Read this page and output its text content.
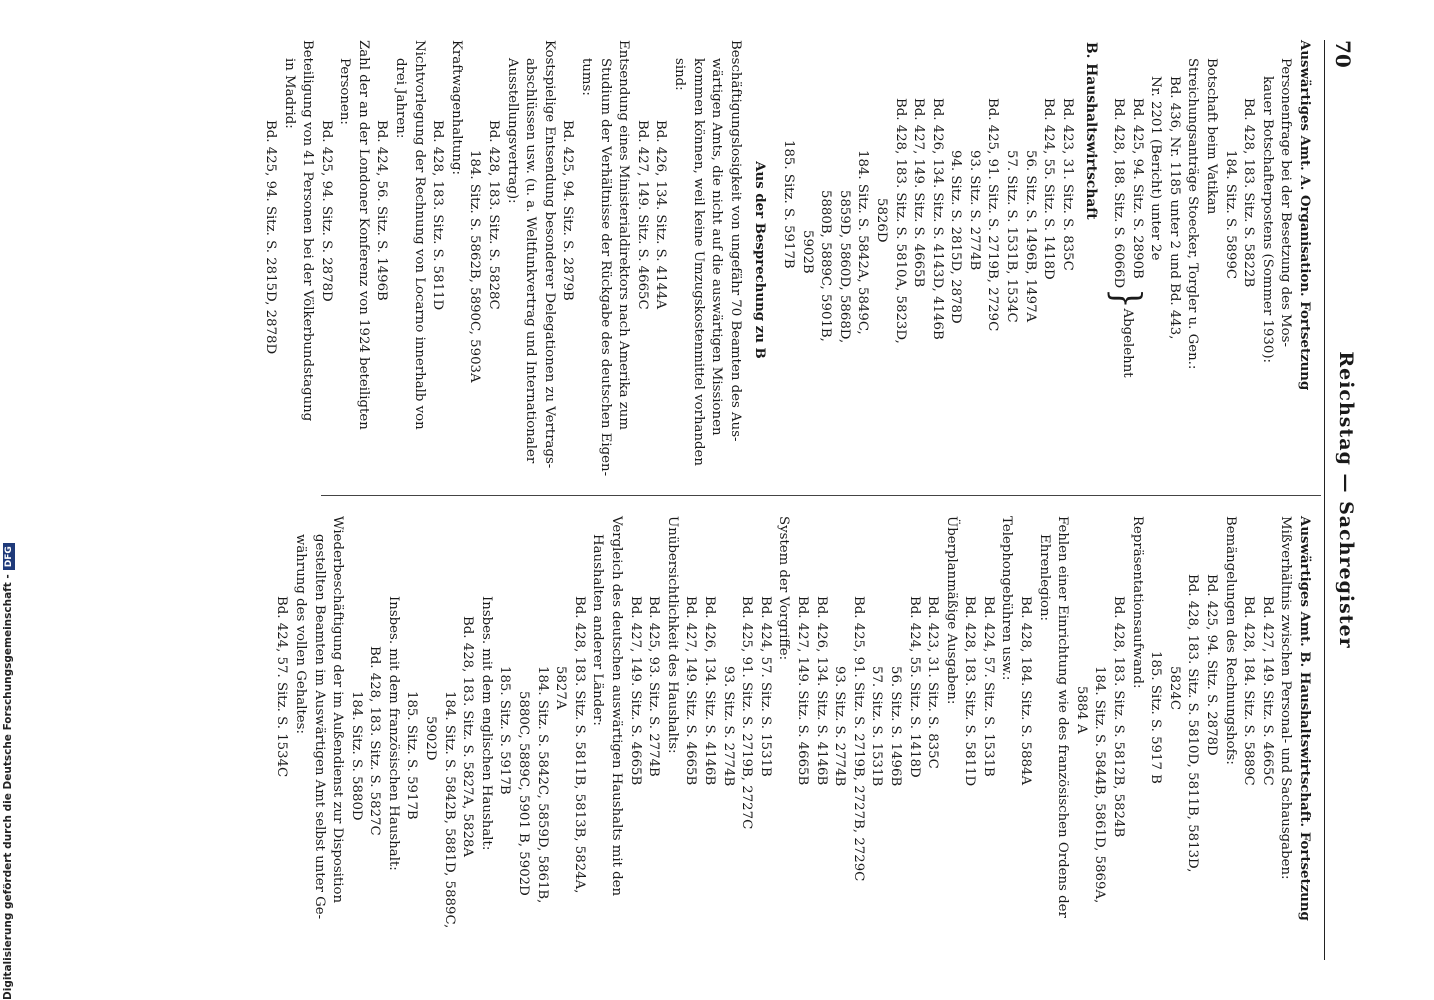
70
Reichstag — Sachregister
Auswärtiges Amt. A. Organisation. Fortsetzung
Personenfrage bei der Besetzung des Mos-
kauer Botschafterpostens (Sommer 1930):
Bd. 428, 183. Sitz. S. 5822B
184. Sitz. S. 5899C
Botschaft beim Vatikan
Streichungsanträge Stoecker, Torgler u. Gen.:
Bd. 436, Nr. 1185 unter 2 und Bd. 443,
Nr. 2201 (Bericht) unter 2e
Bd. 425, 94. Sitz. S. 2890B
Bd. 428, 188. Sitz. S. 6066D
}
Abgelehnt
B. Haushaltswirtschaft
Bd. 423, 31. Sitz. S. 835C
Bd. 424, 55. Sitz. S. 1418D
56. Sitz. S. 1496B, 1497A
57. Sitz. S. 1531B, 1534C
Bd. 425, 91. Sitz. S. 2719B, 2729C
93. Sitz. S. 2774B
94. Sitz. S. 2815D, 2878D
Bd. 426, 134. Sitz. S. 4143D, 4146B
Bd. 427, 149. Sitz. S. 4665B
Bd. 428, 183. Sitz. S. 5810A, 5823D,
5826D
184. Sitz. S. 5842A, 5849C,
5859D, 5860D, 5868D,
5880B, 5889C, 5901B,
5902B
185. Sitz. S. 5917B
Aus der Besprechung zu B
Beschäftigungslosigkeit von ungefähr 70 Beamten des Aus-
wärtigen Amts, die nicht auf die auswärtigen Missionen
kommen können, weil keine Umzugskostenmittel vorhanden
sind:
Bd. 426, 134. Sitz. S. 4144A
Bd. 427, 149. Sitz. S. 4665C
Entsendung eines Ministerialdirektors nach Amerika zum
Studium der Verhältnisse der Rückgabe des deutschen Eigen-
tums:
Bd. 425, 94. Sitz. S. 2879B
Kostspielige Entsendung besonderer Delegationen zu Vertrags-
abschlüssen usw. (u. a. Weltfunkvertrag und Internationaler
Ausstellungsvertrag):
Bd. 428, 183. Sitz. S. 5828C
184. Sitz. S. 5862B, 5890C, 5903A
Kraftwagenhaltung:
Bd. 428, 183. Sitz. S. 5811D
Nichtvorlegung der Rechnung von Locarno innerhalb von
drei Jahren:
Bd. 424, 56. Sitz. S. 1496B
Zahl der an der Londoner Konferenz von 1924 beteiligten
Personen:
Bd. 425, 94. Sitz. S. 2878D
Beteiligung von 41 Personen bei der Völkerbundstagung
in Madrid:
Bd. 425, 94. Sitz. S. 2815D, 2878D
Auswärtiges Amt. B. Haushaltswirtschaft. Fortsetzung
Mißverhältnis zwischen Personal- und Sachausgaben:
Bd. 427, 149. Sitz. S. 4665C
Bd. 428, 184. Sitz. S. 5889C
Bemängelungen des Rechnungshofs:
Bd. 425, 94. Sitz. S. 2878D
Bd. 428, 183. Sitz. S. 5810D, 5811B, 5813D,
5824C
185. Sitz. S. 5917 B
Repräsentationsaufwand:
Bd. 428, 183. Sitz. S. 5812B, 5824B
184. Sitz. S. 5844B, 5861D, 5869A,
5884 A
Fehlen einer Einrichtung wie des französischen Ordens der
Ehrenlegion:
Bd. 428, 184. Sitz. S. 5884A
Telephongebühren usw.:
Bd. 424, 57. Sitz. S. 1531B
Bd. 428, 183. Sitz. S. 5811D
Überplanmäßige Ausgaben:
Bd. 423, 31. Sitz. S. 835C
Bd. 424, 55. Sitz. S. 1418D
56. Sitz. S. 1496B
57. Sitz. S. 1531B
Bd. 425, 91. Sitz. S. 2719B, 2727B, 2729C
93. Sitz. S. 2774B
Bd. 426, 134. Sitz. S. 4146B
Bd. 427, 149. Sitz. S. 4665B
System der Vorgriffe:
Bd. 424, 57. Sitz. S. 1531B
Bd. 425, 91. Sitz. S. 2719B, 2727C
93. Sitz. S. 2774B
Bd. 426, 134. Sitz. S. 4146B
Bd. 427, 149. Sitz. S. 4665B
Unübersichtlichkeit des Haushalts:
Bd. 425, 93. Sitz. S. 2774B
Bd. 427, 149. Sitz. S. 4665B
Vergleich des deutschen auswärtigen Haushalts mit den
Haushalten anderer Länder:
Bd. 428, 183. Sitz. S. 5811B, 5813B, 5824A,
5827A
184. Sitz. S. 5842C, 5859D, 5861B,
5880C, 5889C, 5901 B, 5902D
185. Sitz. S. 5917B
Insbes. mit dem englischen Haushalt:
Bd. 428, 183. Sitz. S. 5827A, 5828A
184. Sitz. S. 5842B, 5881D, 5889C,
5902D
185. Sitz. S. 5917B
Insbes. mit dem französischen Haushalt:
Bd. 428, 183. Sitz. S. 5827C
184. Sitz. S. 5880D
Wiederbeschäftigung der im Außendienst zur Disposition
gestellten Beamten im Auswärtigen Amt selbst unter Ge-
währung des vollen Gehaltes:
Bd. 424, 57. Sitz. S. 1534C
Digitalisierung gefördert durch die Deutsche Forschungsgemeinschaft -DFG
